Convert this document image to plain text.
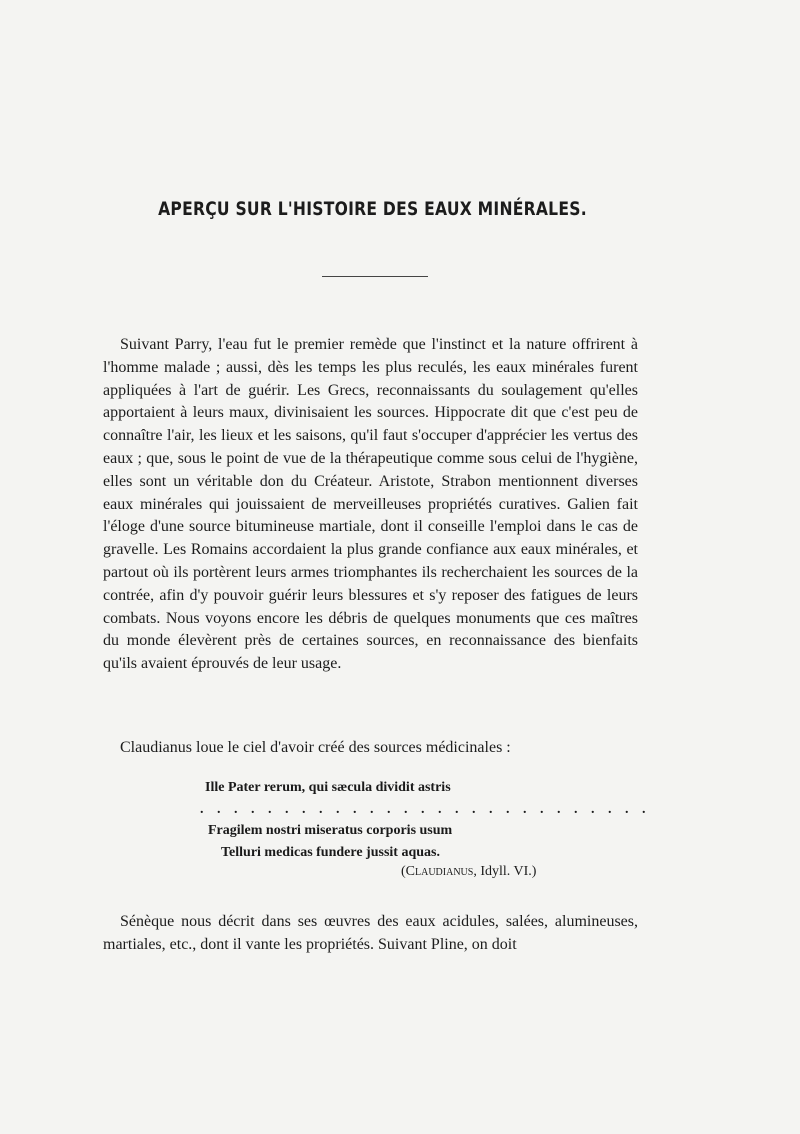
APERÇU SUR L'HISTOIRE DES EAUX MINÉRALES.

Suivant Parry, l'eau fut le premier remède que l'instinct et la nature offrirent à l'homme malade ; aussi, dès les temps les plus reculés, les eaux minérales furent appliquées à l'art de guérir. Les Grecs, reconnaissants du soulagement qu'elles apportaient à leurs maux, divinisaient les sources. Hippocrate dit que c'est peu de connaître l'air, les lieux et les saisons, qu'il faut s'occuper d'apprécier les vertus des eaux ; que, sous le point de vue de la thérapeutique comme sous celui de l'hygiène, elles sont un véritable don du Créateur. Aristote, Strabon mentionnent diverses eaux minérales qui jouissaient de merveilleuses propriétés curatives. Galien fait l'éloge d'une source bitumineuse martiale, dont il conseille l'emploi dans le cas de gravelle. Les Romains accordaient la plus grande confiance aux eaux minérales, et partout où ils portèrent leurs armes triomphantes ils recherchaient les sources de la contrée, afin d'y pouvoir guérir leurs blessures et s'y reposer des fatigues de leurs combats. Nous voyons encore les débris de quelques monuments que ces maîtres du monde élevèrent près de certaines sources, en reconnaissance des bienfaits qu'ils avaient éprouvés de leur usage.

Claudianus loue le ciel d'avoir créé des sources médicinales :

Ille Pater rerum, qui sæcula dividit astris
. . . . . . . . . . . . . . . . . . . . . . . . . . .
Fragilem nostri miseratus corporis usum
Telluri medicas fundere jussit aquas.
(Claudianus, Idyll. VI.)

Sénèque nous décrit dans ses œuvres des eaux acidules, salées, alumineuses, martiales, etc., dont il vante les propriétés. Suivant Pline, on doit
